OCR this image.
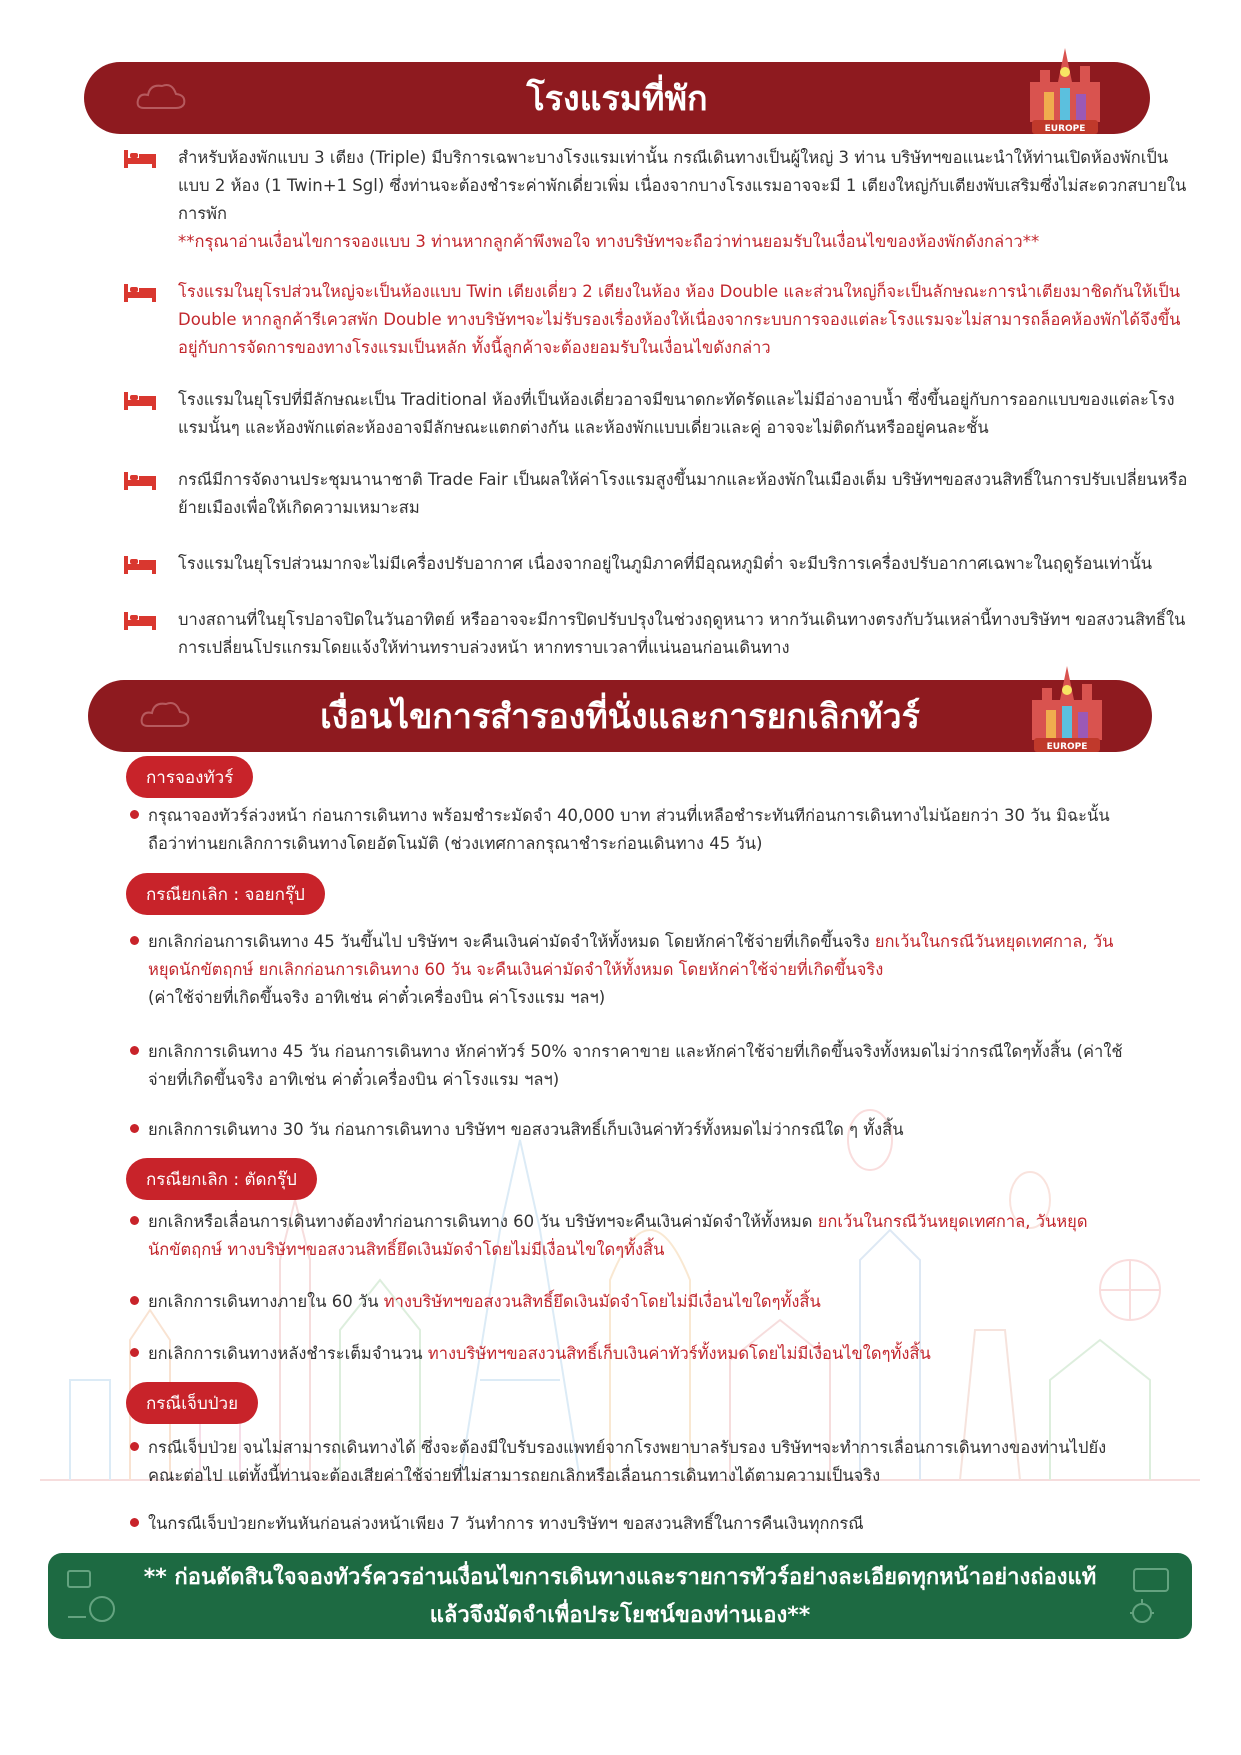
โรงแรมที่พัก
EUROPE
สำหรับห้องพักแบบ 3 เตียง (Triple) มีบริการเฉพาะบางโรงแรมเท่านั้น กรณีเดินทางเป็นผู้ใหญ่ 3 ท่าน บริษัทฯขอแนะนำให้ท่านเปิดห้องพักเป็นแบบ 2 ห้อง (1 Twin+1 Sgl) ซึ่งท่านจะต้องชำระค่าพักเดี่ยวเพิ่ม เนื่องจากบางโรงแรมอาจจะมี 1 เตียงใหญ่กับเตียงพับเสริมซึ่งไม่สะดวกสบายในการพัก
**กรุณาอ่านเงื่อนไขการจองแบบ 3 ท่านหากลูกค้าพึงพอใจ ทางบริษัทฯจะถือว่าท่านยอมรับในเงื่อนไขของห้องพักดังกล่าว**
โรงแรมในยุโรปส่วนใหญ่จะเป็นห้องแบบ Twin เตียงเดี่ยว 2 เตียงในห้อง ห้อง Double และส่วนใหญ่ก็จะเป็นลักษณะการนำเตียงมาชิดกันให้เป็น Double หากลูกค้ารีเควสพัก Double ทางบริษัทฯจะไม่รับรองเรื่องห้องให้เนื่องจากระบบการจองแต่ละโรงแรมจะไม่สามารถล็อคห้องพักได้จึงขึ้นอยู่กับการจัดการของทางโรงแรมเป็นหลัก ทั้งนี้ลูกค้าจะต้องยอมรับในเงื่อนไขดังกล่าว
โรงแรมในยุโรปที่มีลักษณะเป็น Traditional ห้องที่เป็นห้องเดี่ยวอาจมีขนาดกะทัดรัดและไม่มีอ่างอาบน้ำ ซึ่งขึ้นอยู่กับการออกแบบของแต่ละโรงแรมนั้นๆ และห้องพักแต่ละห้องอาจมีลักษณะแตกต่างกัน และห้องพักแบบเดี่ยวและคู่ อาจจะไม่ติดกันหรืออยู่คนละชั้น
กรณีมีการจัดงานประชุมนานาชาติ Trade Fair เป็นผลให้ค่าโรงแรมสูงขึ้นมากและห้องพักในเมืองเต็ม บริษัทฯขอสงวนสิทธิ์ในการปรับเปลี่ยนหรือย้ายเมืองเพื่อให้เกิดความเหมาะสม
โรงแรมในยุโรปส่วนมากจะไม่มีเครื่องปรับอากาศ เนื่องจากอยู่ในภูมิภาคที่มีอุณหภูมิต่ำ จะมีบริการเครื่องปรับอากาศเฉพาะในฤดูร้อนเท่านั้น
บางสถานที่ในยุโรปอาจปิดในวันอาทิตย์ หรืออาจจะมีการปิดปรับปรุงในช่วงฤดูหนาว หากวันเดินทางตรงกับวันเหล่านี้ทางบริษัทฯ ขอสงวนสิทธิ์ในการเปลี่ยนโปรแกรมโดยแจ้งให้ท่านทราบล่วงหน้า หากทราบเวลาที่แน่นอนก่อนเดินทาง
เงื่อนไขการสำรองที่นั่งและการยกเลิกทัวร์
EUROPE
การจองทัวร์
กรุณาจองทัวร์ล่วงหน้า ก่อนการเดินทาง พร้อมชำระมัดจำ 40,000 บาท ส่วนที่เหลือชำระทันทีก่อนการเดินทางไม่น้อยกว่า 30 วัน มิฉะนั้นถือว่าท่านยกเลิกการเดินทางโดยอัตโนมัติ (ช่วงเทศกาลกรุณาชำระก่อนเดินทาง 45 วัน)
กรณียกเลิก : จอยกรุ๊ป
ยกเลิกก่อนการเดินทาง 45 วันขึ้นไป บริษัทฯ จะคืนเงินค่ามัดจำให้ทั้งหมด โดยหักค่าใช้จ่ายที่เกิดขึ้นจริง ยกเว้นในกรณีวันหยุดเทศกาล, วันหยุดนักขัตฤกษ์ ยกเลิกก่อนการเดินทาง 60 วัน จะคืนเงินค่ามัดจำให้ทั้งหมด โดยหักค่าใช้จ่ายที่เกิดขึ้นจริง
(ค่าใช้จ่ายที่เกิดขึ้นจริง อาทิเช่น ค่าตั๋วเครื่องบิน ค่าโรงแรม ฯลฯ)
ยกเลิกการเดินทาง 45 วัน ก่อนการเดินทาง หักค่าทัวร์ 50% จากราคาขาย และหักค่าใช้จ่ายที่เกิดขึ้นจริงทั้งหมดไม่ว่ากรณีใดๆทั้งสิ้น (ค่าใช้จ่ายที่เกิดขึ้นจริง อาทิเช่น ค่าตั๋วเครื่องบิน ค่าโรงแรม ฯลฯ)
ยกเลิกการเดินทาง 30 วัน ก่อนการเดินทาง บริษัทฯ ขอสงวนสิทธิ์เก็บเงินค่าทัวร์ทั้งหมดไม่ว่ากรณีใด ๆ ทั้งสิ้น
กรณียกเลิก : ตัดกรุ๊ป
ยกเลิกหรือเลื่อนการเดินทางต้องทำก่อนการเดินทาง 60 วัน บริษัทฯจะคืนเงินค่ามัดจำให้ทั้งหมด ยกเว้นในกรณีวันหยุดเทศกาล, วันหยุดนักขัตฤกษ์ ทางบริษัทฯขอสงวนสิทธิ์ยึดเงินมัดจำโดยไม่มีเงื่อนไขใดๆทั้งสิ้น
ยกเลิกการเดินทางภายใน 60 วัน ทางบริษัทฯขอสงวนสิทธิ์ยึดเงินมัดจำโดยไม่มีเงื่อนไขใดๆทั้งสิ้น
ยกเลิกการเดินทางหลังชำระเต็มจำนวน ทางบริษัทฯขอสงวนสิทธิ์เก็บเงินค่าทัวร์ทั้งหมดโดยไม่มีเงื่อนไขใดๆทั้งสิ้น
กรณีเจ็บป่วย
กรณีเจ็บป่วย จนไม่สามารถเดินทางได้ ซึ่งจะต้องมีใบรับรองแพทย์จากโรงพยาบาลรับรอง บริษัทฯจะทำการเลื่อนการเดินทางของท่านไปยังคณะต่อไป แต่ทั้งนี้ท่านจะต้องเสียค่าใช้จ่ายที่ไม่สามารถยกเลิกหรือเลื่อนการเดินทางได้ตามความเป็นจริง
ในกรณีเจ็บป่วยกะทันหันก่อนล่วงหน้าเพียง 7 วันทำการ ทางบริษัทฯ ขอสงวนสิทธิ์ในการคืนเงินทุกกรณี
** ก่อนตัดสินใจจองทัวร์ควรอ่านเงื่อนไขการเดินทางและรายการทัวร์อย่างละเอียดทุกหน้าอย่างถ่องแท้
แล้วจึงมัดจำเพื่อประโยชน์ของท่านเอง**
